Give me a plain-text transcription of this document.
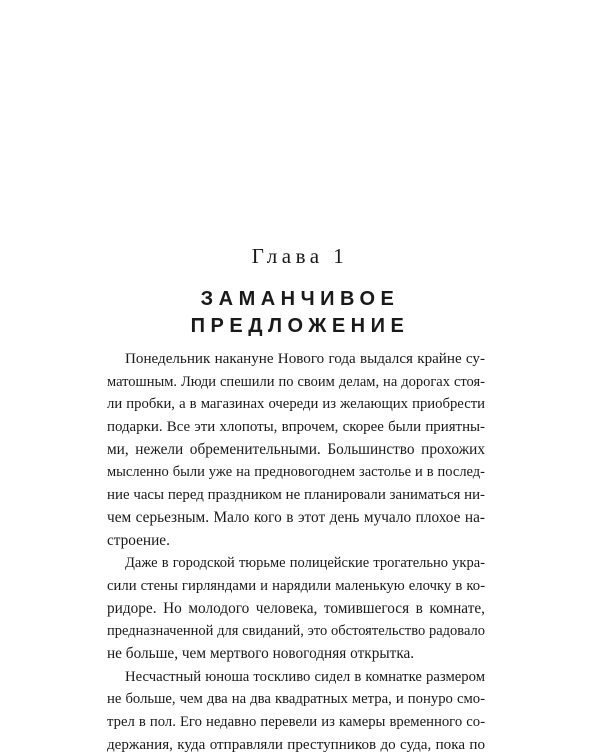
Глава 1
ЗАМАНЧИВОЕ
ПРЕДЛОЖЕНИЕ
Понедельник накануне Нового года выдался крайне су-
матошным. Люди спешили по своим делам, на дорогах стоя-
ли пробки, а в магазинах очереди из желающих приобрести
подарки. Все эти хлопоты, впрочем, скорее были приятны-
ми, нежели обременительными. Большинство прохожих
мысленно были уже на предновогоднем застолье и в послед-
ние часы перед праздником не планировали заниматься ни-
чем серьезным. Мало кого в этот день мучало плохое на-
строение.
Даже в городской тюрьме полицейские трогательно укра-
сили стены гирляндами и нарядили маленькую елочку в ко-
ридоре. Но молодого человека, томившегося в комнате,
предназначенной для свиданий, это обстоятельство радовало
не больше, чем мертвого новогодняя открытка.
Несчастный юноша тоскливо сидел в комнатке размером
не больше, чем два на два квадратных метра, и понуро смо-
трел в пол. Его недавно перевели из камеры временного со-
держания, куда отправляли преступников до суда, пока по
